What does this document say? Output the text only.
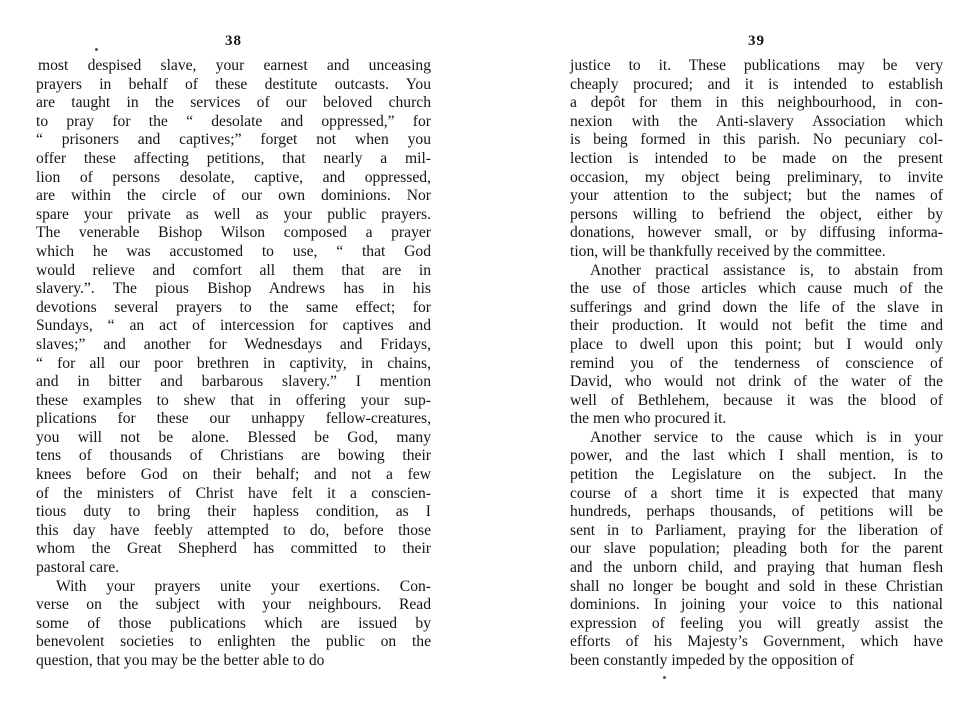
38
most despised slave, your earnest and unceasing
prayers in behalf of these destitute outcasts. You
are taught in the services of our beloved church
to pray for the “ desolate and oppressed,” for
“ prisoners and captives;” forget not when you
offer these affecting petitions, that nearly a mil-
lion of persons desolate, captive, and oppressed,
are within the circle of our own dominions. Nor
spare your private as well as your public prayers.
The venerable Bishop Wilson composed a prayer
which he was accustomed to use, “ that God
would relieve and comfort all them that are in
slavery.”. The pious Bishop Andrews has in his
devotions several prayers to the same effect; for
Sundays, “ an act of intercession for captives and
slaves;” and another for Wednesdays and Fridays,
“ for all our poor brethren in captivity, in chains,
and in bitter and barbarous slavery.” I mention
these examples to shew that in offering your sup-
plications for these our unhappy fellow-creatures,
you will not be alone. Blessed be God, many
tens of thousands of Christians are bowing their
knees before God on their behalf; and not a few
of the ministers of Christ have felt it a conscien-
tious duty to bring their hapless condition, as I
this day have feebly attempted to do, before those
whom the Great Shepherd has committed to their
pastoral care.
With your prayers unite your exertions. Con-
verse on the subject with your neighbours. Read
some of those publications which are issued by
benevolent societies to enlighten the public on the
question, that you may be the better able to do
39
justice to it. These publications may be very
cheaply procured; and it is intended to establish
a depôt for them in this neighbourhood, in con-
nexion with the Anti-slavery Association which
is being formed in this parish. No pecuniary col-
lection is intended to be made on the present
occasion, my object being preliminary, to invite
your attention to the subject; but the names of
persons willing to befriend the object, either by
donations, however small, or by diffusing informa-
tion, will be thankfully received by the committee.
Another practical assistance is, to abstain from
the use of those articles which cause much of the
sufferings and grind down the life of the slave in
their production. It would not befit the time and
place to dwell upon this point; but I would only
remind you of the tenderness of conscience of
David, who would not drink of the water of the
well of Bethlehem, because it was the blood of
the men who procured it.
Another service to the cause which is in your
power, and the last which I shall mention, is to
petition the Legislature on the subject. In the
course of a short time it is expected that many
hundreds, perhaps thousands, of petitions will be
sent in to Parliament, praying for the liberation of
our slave population; pleading both for the parent
and the unborn child, and praying that human flesh
shall no longer be bought and sold in these Christian
dominions. In joining your voice to this national
expression of feeling you will greatly assist the
efforts of his Majesty’s Government, which have
been constantly impeded by the opposition of
